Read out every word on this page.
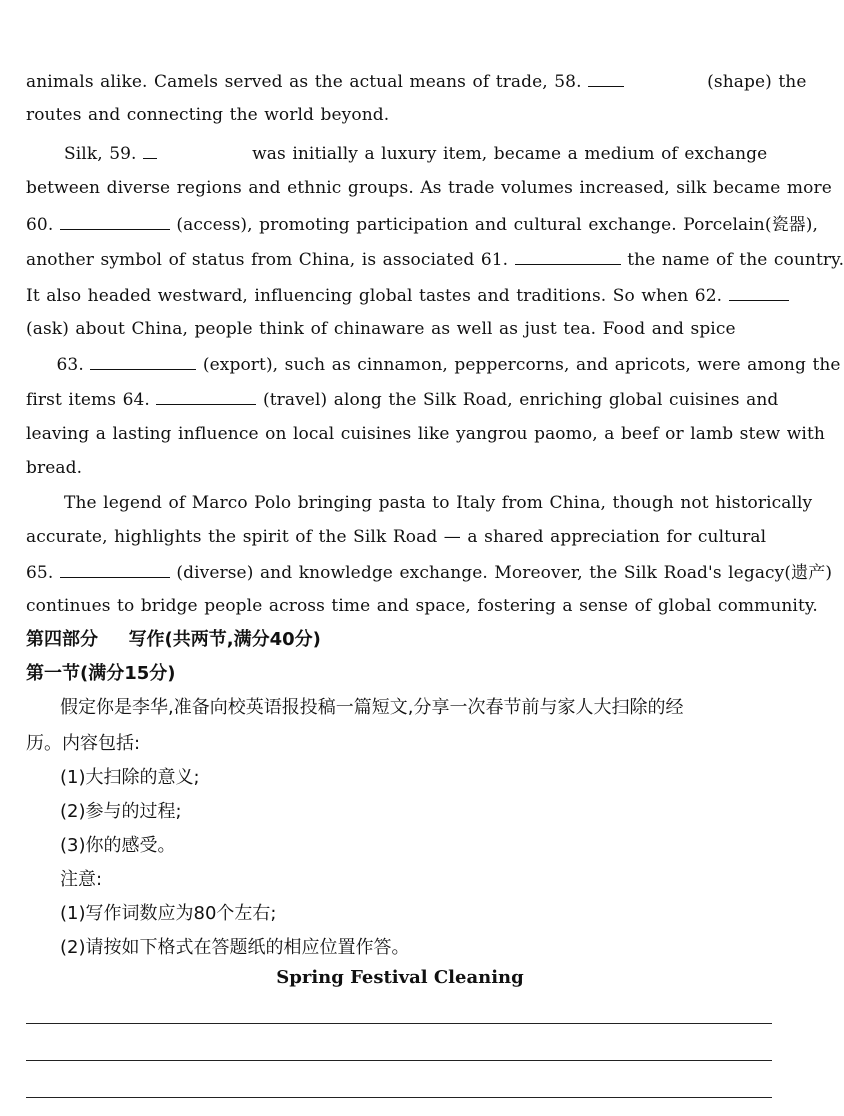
animals alike. Camels served as the actual means of trade, 58.	(shape) the
routes and connecting the world beyond.
Silk, 59.	was initially a luxury item, became a medium of exchange
between diverse regions and ethnic groups. As trade volumes increased, silk became more
60.	(access), promoting participation and cultural exchange. Porcelain(瓷器),
another symbol of status from China, is associated 61.	the name of the country.
It also headed westward, influencing global tastes and traditions. So when 62.
(ask) about China, people think of chinaware as well as just tea. Food and spice
63.	(export), such as cinnamon, peppercorns, and apricots, were among the
first items 64.	(travel) along the Silk Road, enriching global cuisines and
leaving a lasting influence on local cuisines like yangrou paomo, a beef or lamb stew with
bread.
The legend of Marco Polo bringing pasta to Italy from China, though not historically
accurate, highlights the spirit of the Silk Road — a shared appreciation for cultural
65.	(diverse) and knowledge exchange. Moreover, the Silk Road's legacy(遗产)
continues to bridge people across time and space, fostering a sense of global community.
第四部分 写作(共两节,满分40分)
第一节(满分15分)
假定你是李华,准备向校英语报投稿一篇短文,分享一次春节前与家人大扫除的经
历。内容包括:
(1)大扫除的意义;
(2)参与的过程;
(3)你的感受。
注意:
(1)写作词数应为80个左右;
(2)请按如下格式在答题纸的相应位置作答。
Spring Festival Cleaning
